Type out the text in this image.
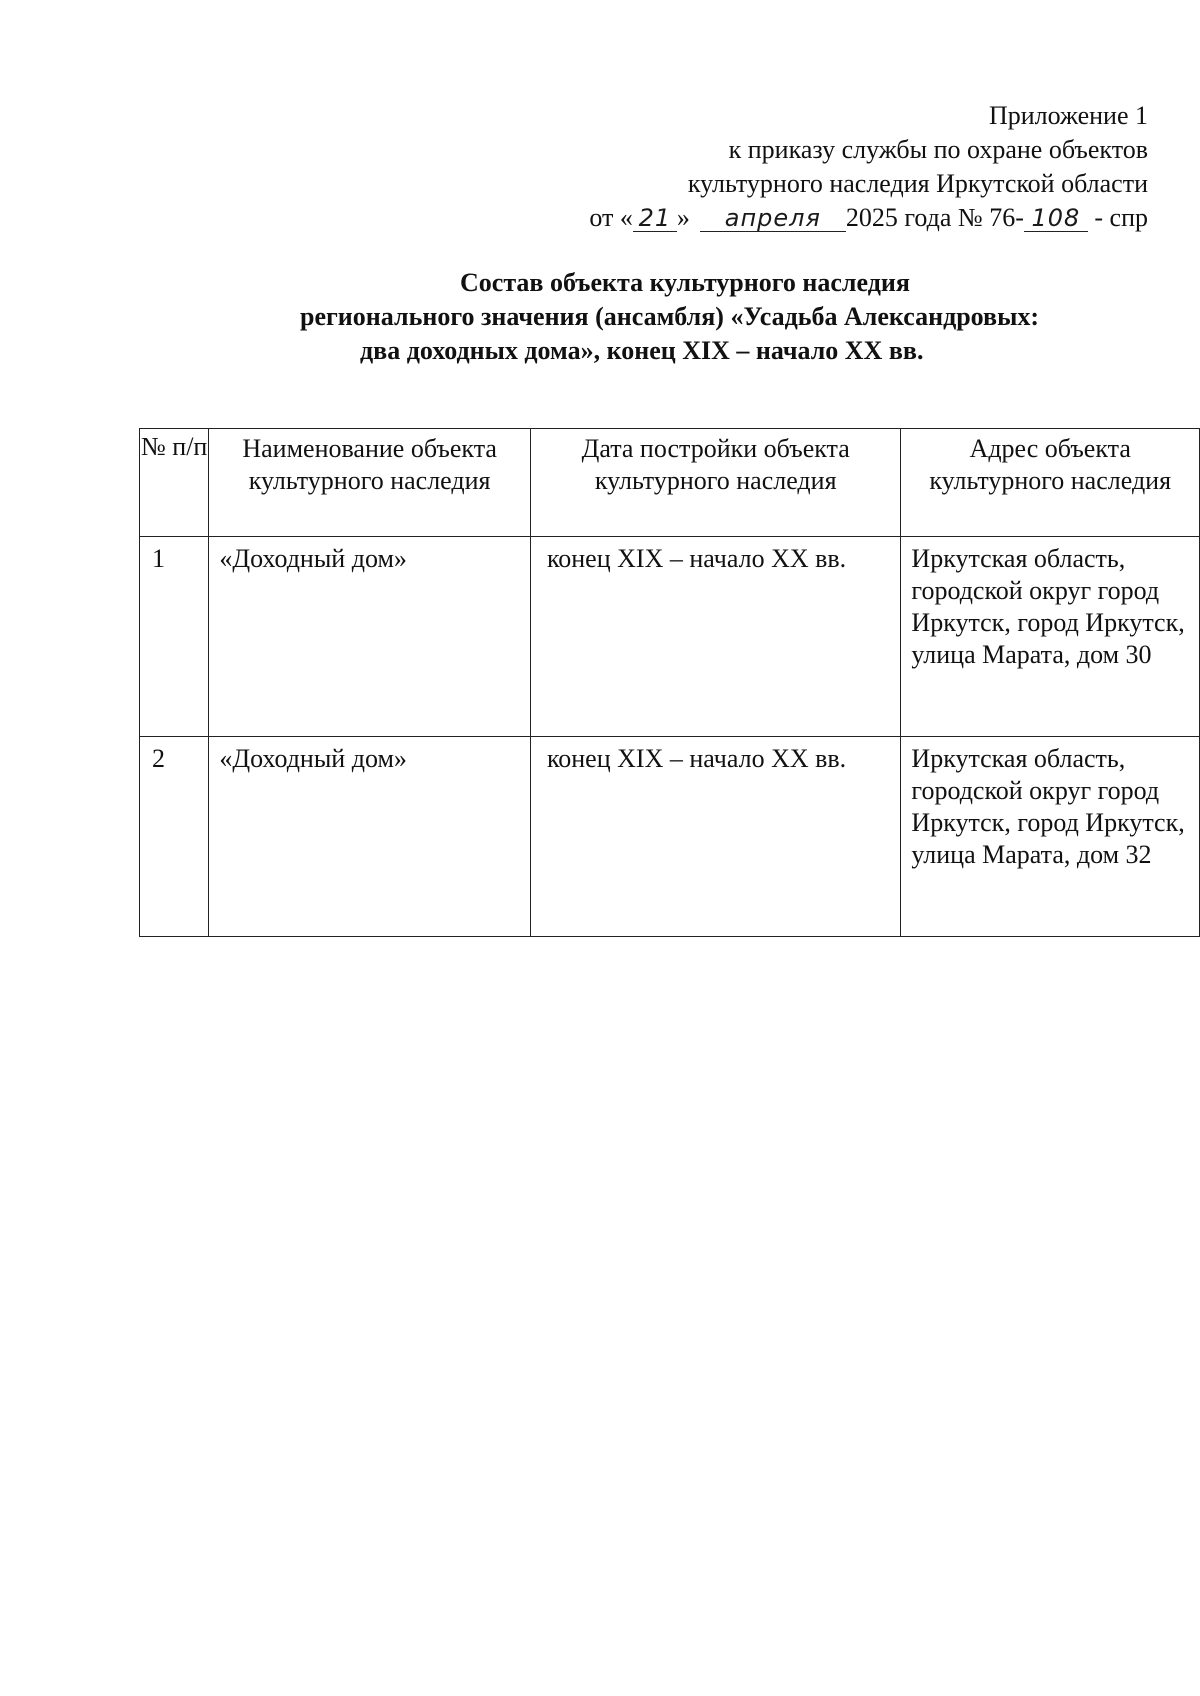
Приложение 1
к приказу службы по охране объектов
культурного наследия Иркутской области
от « 21 » апреля 2025 года № 76- 108 - спр
Состав объекта культурного наследия
регионального значения (ансамбля) «Усадьба Александровых:
два доходных дома», конец XIX – начало XX вв.
№ п/п	Наименование объекта культурного наследия	Дата постройки объекта культурного наследия	Адрес объекта культурного наследия
1	«Доходный дом»	конец XIX – начало XX вв.	Иркутская область, городской округ город Иркутск, город Иркутск, улица Марата, дом 30
2	«Доходный дом»	конец XIX – начало XX вв.	Иркутская область, городской округ город Иркутск, город Иркутск, улица Марата, дом 32
